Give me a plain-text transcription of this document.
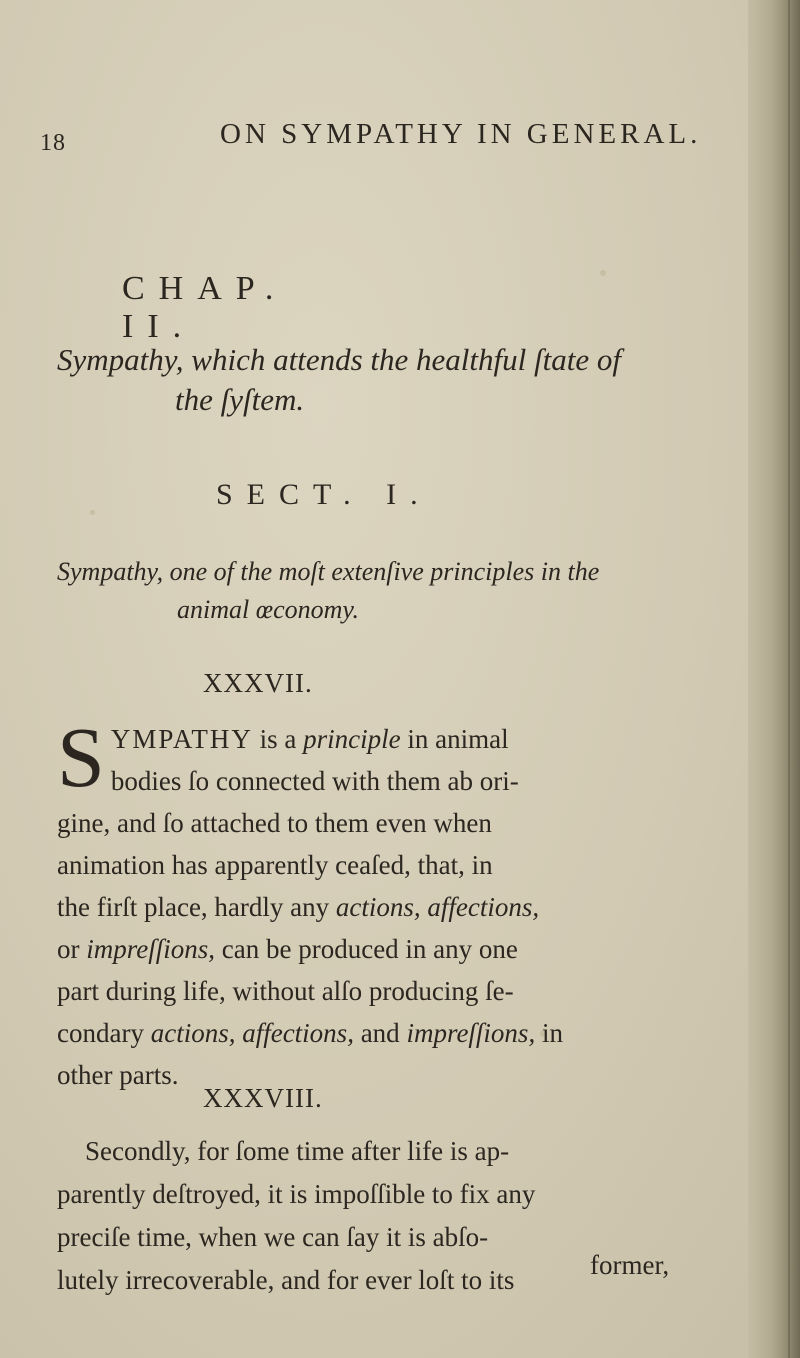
18	ON SYMPATHY IN GENERAL.
CHAP. II.
Sympathy, which attends the healthful ſtate of
the ſyſtem.
SECT. I.
Sympathy, one of the moſt extenſive principles in the
animal œconomy.
XXXVII.
S YMPATHY is a principle in animal
bodies ſo connected with them ab ori-
gine, and ſo attached to them even when
animation has apparently ceaſed, that, in
the firſt place, hardly any actions, affections,
or impreſſions, can be produced in any one
part during life, without alſo producing ſe-
condary actions, affections, and impreſſions, in
other parts.
XXXVIII.
Secondly, for ſome time after life is ap-
parently deſtroyed, it is impoſſible to fix any
preciſe time, when we can ſay it is abſo-
lutely irrecoverable, and for ever loſt to its	former,
